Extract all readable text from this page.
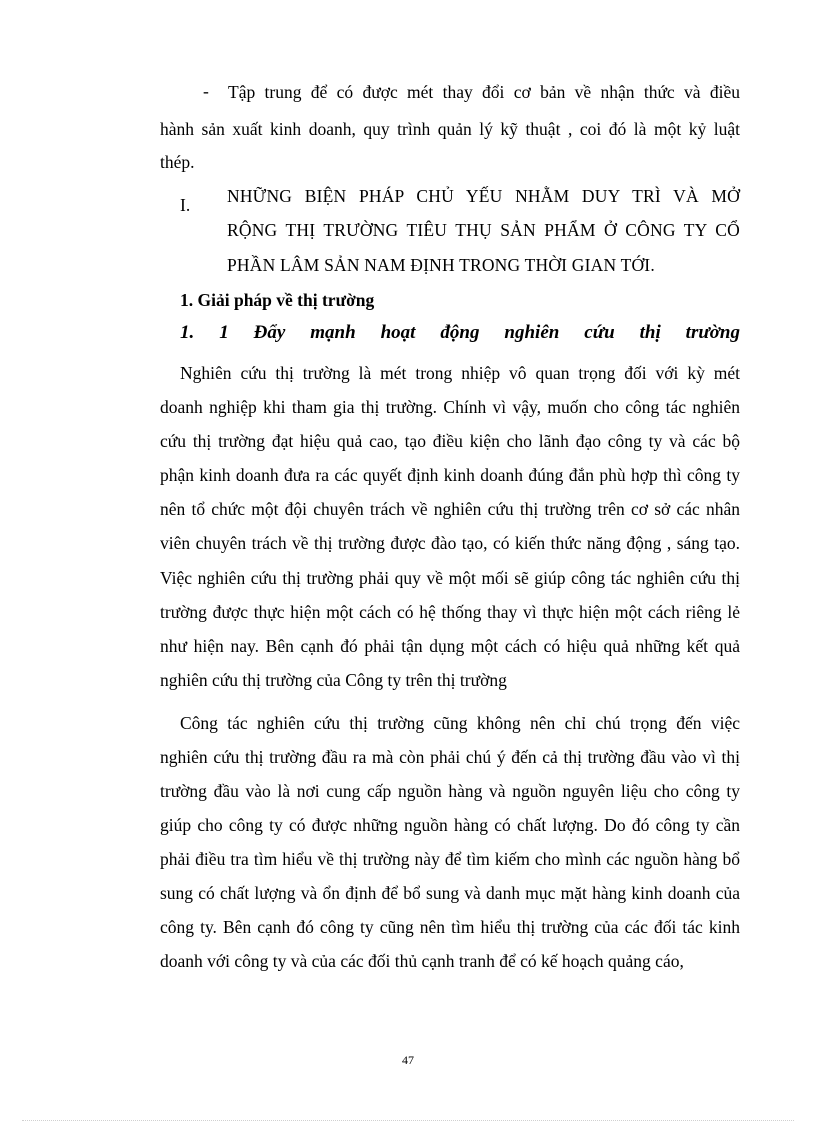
- Tập trung để có được mét thay đổi cơ bản về nhận thức và điều
hành sản xuất kinh doanh, quy trình quản lý kỹ thuật , coi đó là một kỷ luật
thép.
I. NHỮNG BIỆN PHÁP CHỦ YẾU NHẰM DUY TRÌ VÀ MỞ
RỘNG THỊ TRƯỜNG TIÊU THỤ SẢN PHẨM Ở CÔNG TY CỔ
PHẦN LÂM SẢN NAM ĐỊNH TRONG THỜI GIAN TỚI.
1. Giải pháp về thị trường
1. 1 Đẩy mạnh hoạt động nghiên cứu thị trường
Nghiên cứu thị trường là mét trong nhiệp vô quan trọng đối với kỳ mét
doanh nghiệp khi tham gia thị trường. Chính vì vậy, muốn cho công tác nghiên
cứu thị trường đạt hiệu quả cao, tạo điều kiện cho lãnh đạo công ty và các bộ
phận kinh doanh đưa ra các quyết định kinh doanh đúng đắn phù hợp thì công ty
nên tổ chức một đội chuyên trách về nghiên cứu thị trường trên cơ sở các nhân
viên chuyên trách về thị trường được đào tạo, có kiến thức năng động , sáng tạo.
Việc nghiên cứu thị trường phải quy về một mối sẽ giúp công tác nghiên cứu thị
trường được thực hiện một cách có hệ thống thay vì thực hiện một cách riêng lẻ
như hiện nay. Bên cạnh đó phải tận dụng một cách có hiệu quả những kết quả
nghiên cứu thị trường của Công ty trên thị trường
Công tác nghiên cứu thị trường cũng không nên chỉ chú trọng đến việc
nghiên cứu thị trường đầu ra mà còn phải chú ý đến cả thị trường đầu vào vì thị
trường đầu vào là nơi cung cấp nguồn hàng và nguồn nguyên liệu cho công ty
giúp cho công ty có được những nguồn hàng có chất lượng. Do đó công ty cần
phải điều tra tìm hiểu về thị trường này để tìm kiếm cho mình các nguồn hàng bổ
sung có chất lượng và ổn định để bổ sung và danh mục mặt hàng kinh doanh của
công ty. Bên cạnh đó công ty cũng nên tìm hiểu thị trường của các đối tác kinh
doanh với công ty và của các đối thủ cạnh tranh để có kế hoạch quảng cáo,
47
